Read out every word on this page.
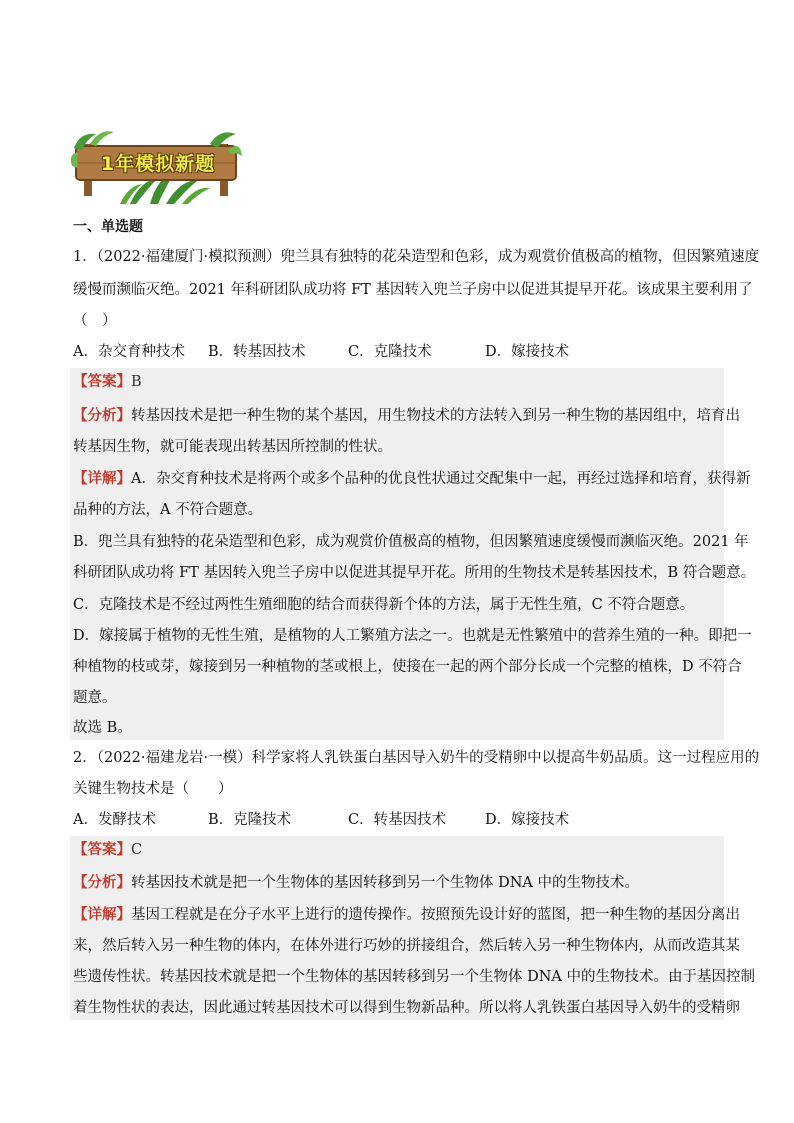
1年模拟新题
一、单选题
1．（2022·福建厦门·模拟预测）兜兰具有独特的花朵造型和色彩，成为观赏价值极高的植物，但因繁殖速度
缓慢而濒临灭绝。2021 年科研团队成功将 FT 基因转入兜兰子房中以促进其提早开花。该成果主要利用了
（　）
A．杂交育种技术 B．转基因技术	C．克隆技术	D．嫁接技术
【答案】B
【分析】转基因技术是把一种生物的某个基因，用生物技术的方法转入到另一种生物的基因组中，培育出
转基因生物，就可能表现出转基因所控制的性状。
【详解】A．杂交育种技术是将两个或多个品种的优良性状通过交配集中一起，再经过选择和培育，获得新
品种的方法，A 不符合题意。
B．兜兰具有独特的花朵造型和色彩，成为观赏价值极高的植物，但因繁殖速度缓慢而濒临灭绝。2021 年
科研团队成功将 FT 基因转入兜兰子房中以促进其提早开花。所用的生物技术是转基因技术，B 符合题意。
C．克隆技术是不经过两性生殖细胞的结合而获得新个体的方法，属于无性生殖，C 不符合题意。
D．嫁接属于植物的无性生殖，是植物的人工繁殖方法之一。也就是无性繁殖中的营养生殖的一种。即把一
种植物的枝或芽，嫁接到另一种植物的茎或根上，使接在一起的两个部分长成一个完整的植株，D 不符合
题意。
故选 B。
2．（2022·福建龙岩·一模）科学家将人乳铁蛋白基因导入奶牛的受精卵中以提高牛奶品质。这一过程应用的
关键生物技术是（　　）
A．发酵技术	B．克隆技术	C．转基因技术	D．嫁接技术
【答案】C
【分析】转基因技术就是把一个生物体的基因转移到另一个生物体 DNA 中的生物技术。
【详解】基因工程就是在分子水平上进行的遗传操作。按照预先设计好的蓝图，把一种生物的基因分离出
来，然后转入另一种生物的体内，在体外进行巧妙的拼接组合，然后转入另一种生物体内，从而改造其某
些遗传性状。转基因技术就是把一个生物体的基因转移到另一个生物体 DNA 中的生物技术。由于基因控制
着生物性状的表达，因此通过转基因技术可以得到生物新品种。所以将人乳铁蛋白基因导入奶牛的受精卵
